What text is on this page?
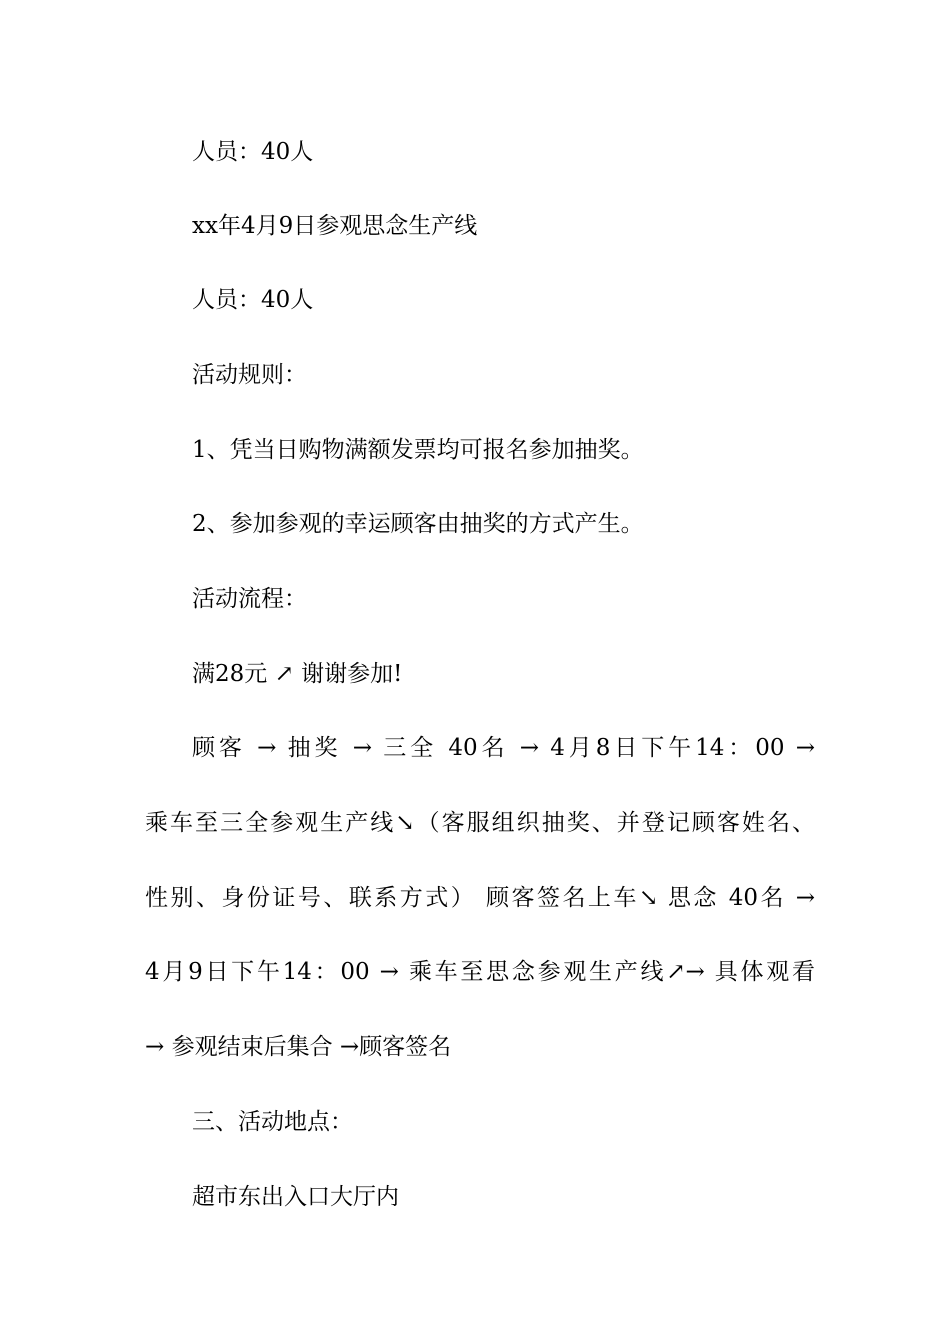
人员：40人
xx年4月9日参观思念生产线
人员：40人
活动规则：
1、凭当日购物满额发票均可报名参加抽奖。
2、参加参观的幸运顾客由抽奖的方式产生。
活动流程：
满28元 ↗ 谢谢参加!
顾客 → 抽奖 → 三全 40名 → 4月8日下午14：00 →
乘车至三全参观生产线↘（客服组织抽奖、并登记顾客姓名、
性别、身份证号、联系方式） 顾客签名上车↘ 思念 40名 →
4月9日下午14：00 → 乘车至思念参观生产线↗→ 具体观看
→ 参观结束后集合 →顾客签名
三、活动地点：
超市东出入口大厅内
